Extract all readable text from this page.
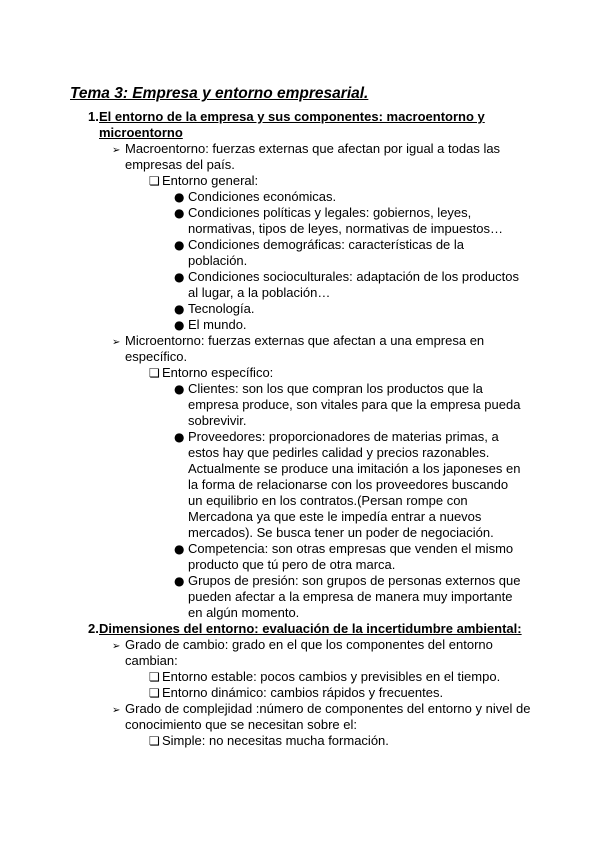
Tema 3: Empresa y entorno empresarial.
1. El entorno de la empresa y sus componentes: macroentorno y microentorno
➢ Macroentorno: fuerzas externas que afectan por igual a todas las empresas del país.
❏ Entorno general:
● Condiciones económicas.
● Condiciones políticas y legales: gobiernos, leyes, normativas, tipos de leyes, normativas de impuestos…
● Condiciones demográficas: características de la población.
● Condiciones socioculturales: adaptación de los productos al lugar, a la población…
● Tecnología.
● El mundo.
➢ Microentorno: fuerzas externas que afectan a una empresa en específico.
❏ Entorno específico:
● Clientes: son los que compran los productos que la empresa produce, son vitales para que la empresa pueda sobrevivir.
● Proveedores: proporcionadores de materias primas, a estos hay que pedirles calidad y precios razonables. Actualmente se produce una imitación a los japoneses en la forma de relacionarse con los proveedores buscando un equilibrio en los contratos.(Persan rompe con Mercadona ya que este le impedía entrar a nuevos mercados). Se busca tener un poder de negociación.
● Competencia: son otras empresas que venden el mismo producto que tú pero de otra marca.
● Grupos de presión: son grupos de personas externos que pueden afectar a la empresa de manera muy importante en algún momento.
2. Dimensiones del entorno: evaluación de la incertidumbre ambiental:
➢ Grado de cambio: grado en el que los componentes del entorno cambian:
❏ Entorno estable: pocos cambios y previsibles en el tiempo.
❏ Entorno dinámico: cambios rápidos y frecuentes.
➢ Grado de complejidad :número de componentes del entorno y nivel de conocimiento que se necesitan sobre el:
❏ Simple: no necesitas mucha formación.
